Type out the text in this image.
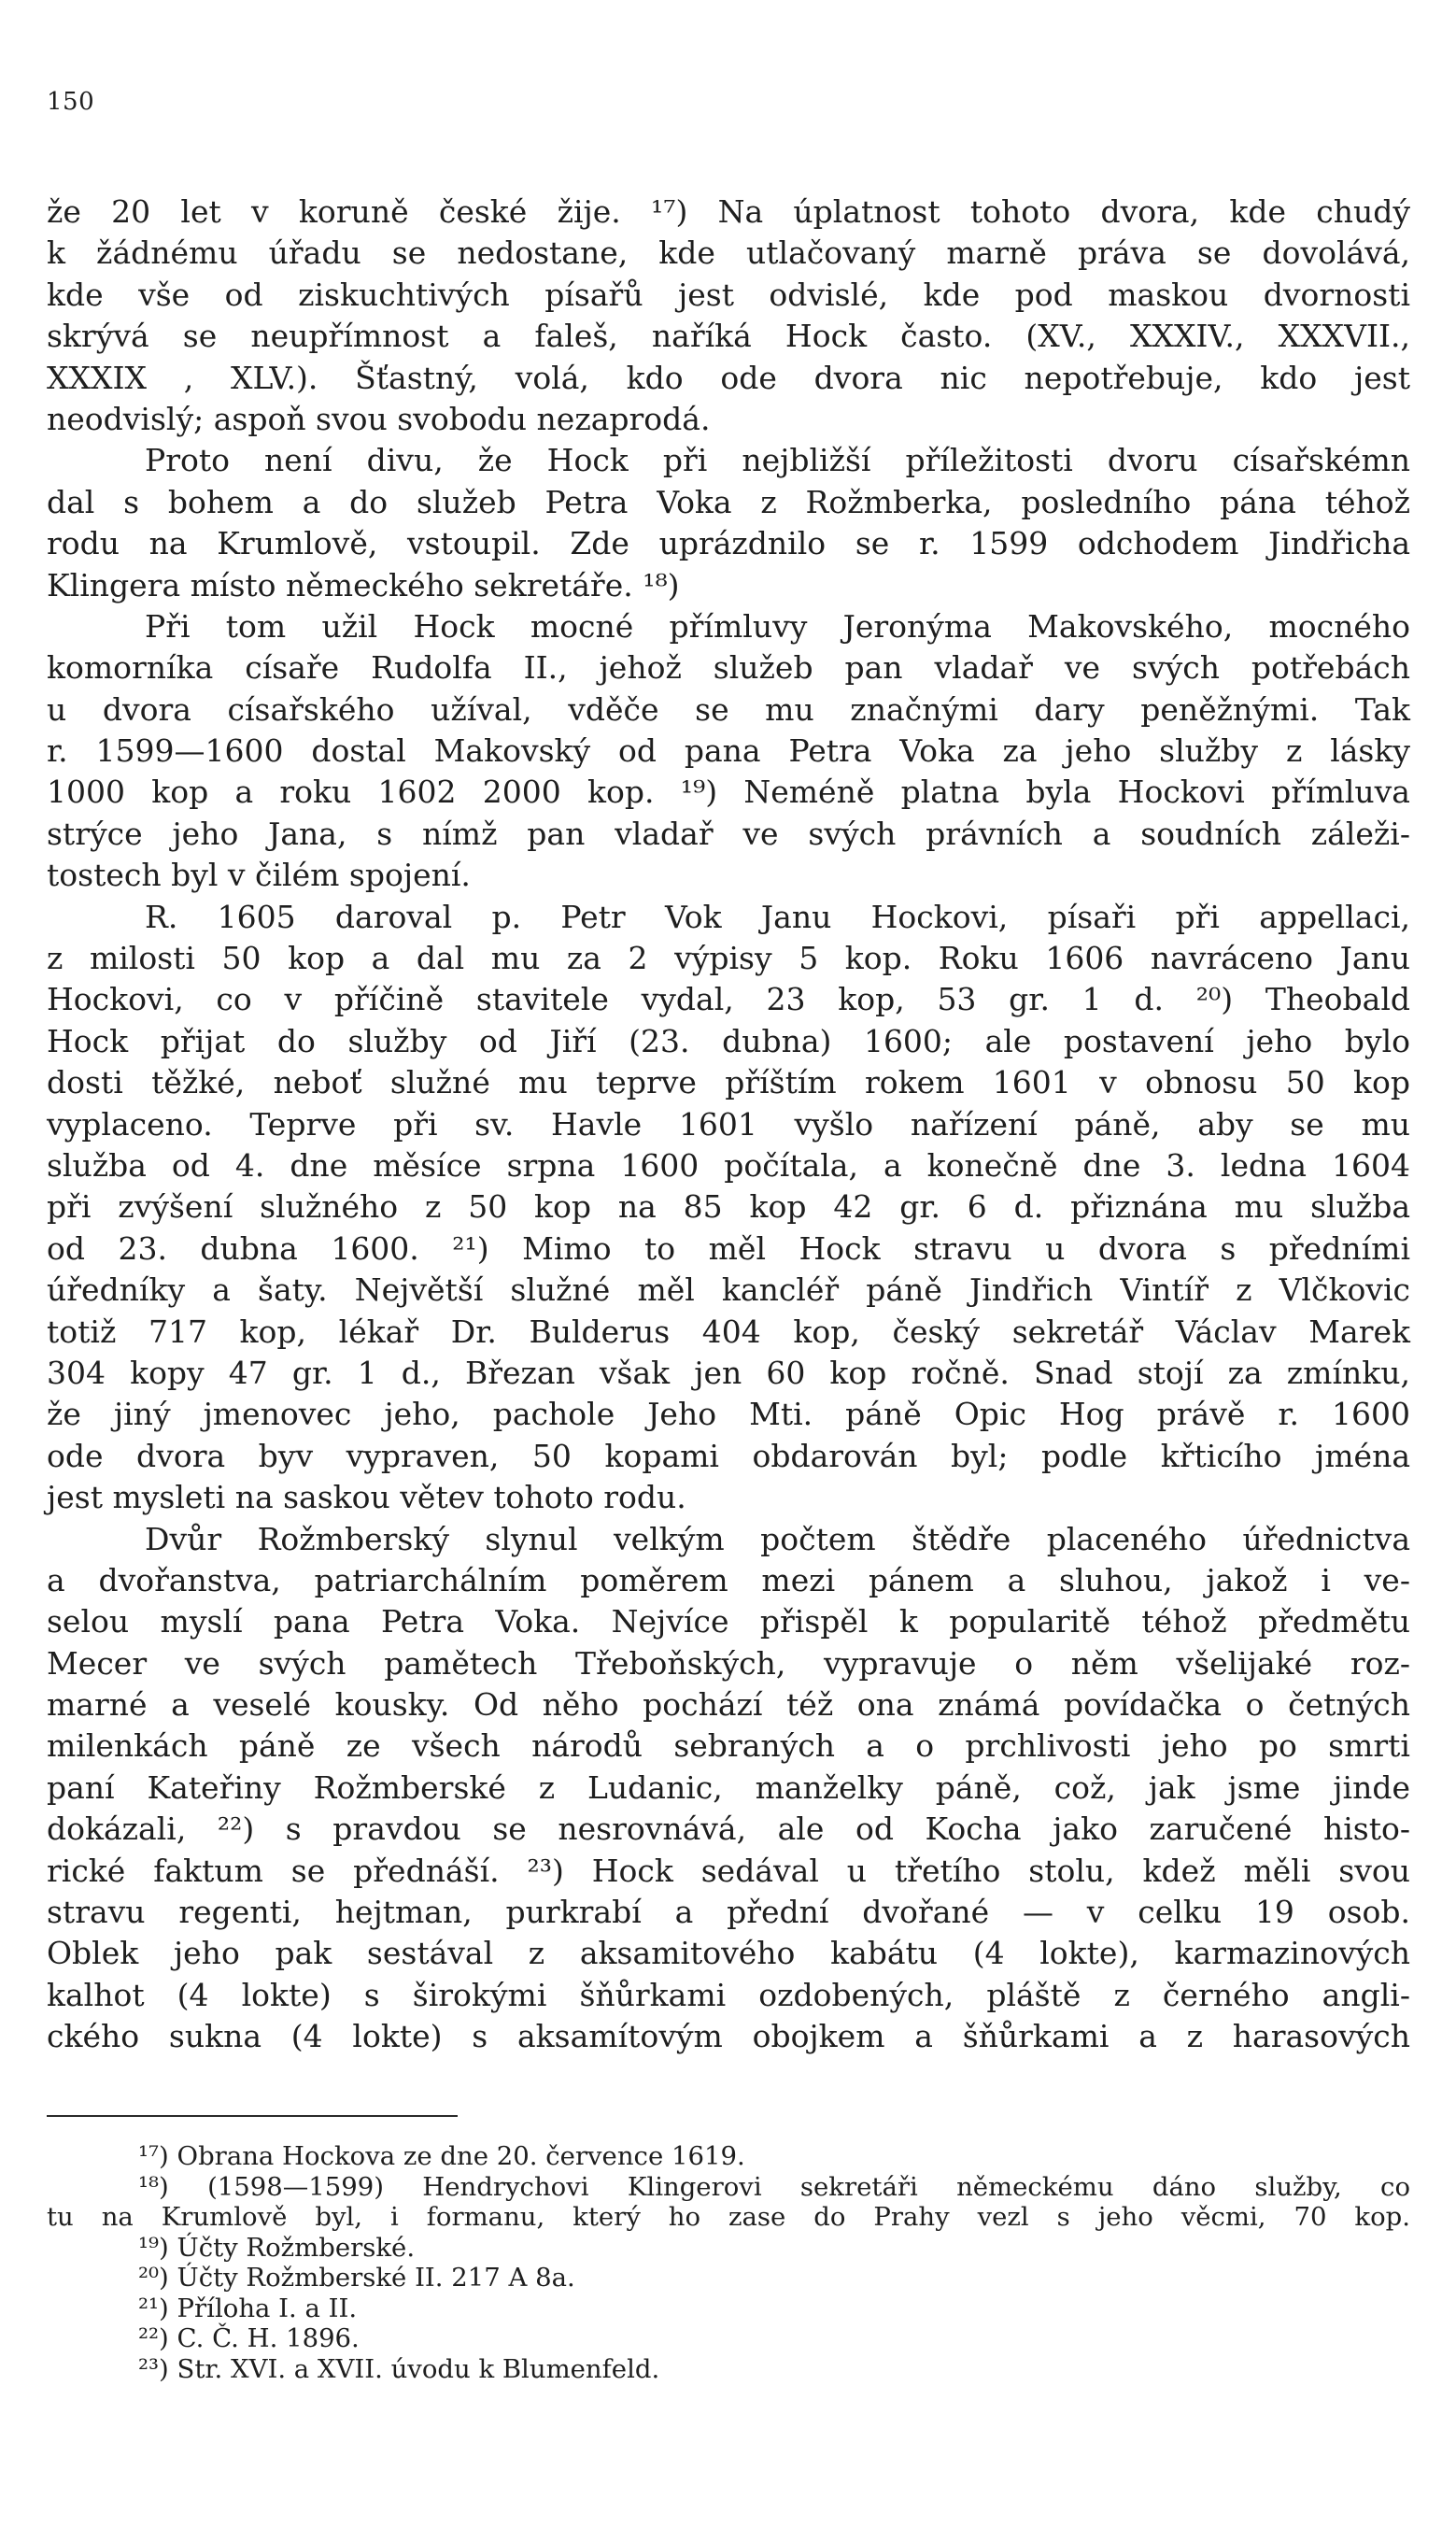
150
že 20 let v koruně české žije. ¹⁷) Na úplatnost tohoto dvora, kde chudý
k žádnému úřadu se nedostane, kde utlačovaný marně práva se dovolává,
kde vše od ziskuchtivých písařů jest odvislé, kde pod maskou dvornosti
skrývá se neupřímnost a faleš, naříká Hock často. (XV., XXXIV., XXXVII.,
XXXIX , XLV.). Šťastný, volá, kdo ode dvora nic nepotřebuje, kdo jest
neodvislý; aspoň svou svobodu nezaprodá.
Proto není divu, že Hock při nejbližší příležitosti dvoru císařskémn
dal s bohem a do služeb Petra Voka z Rožmberka, posledního pána téhož
rodu na Krumlově, vstoupil. Zde uprázdnilo se r. 1599 odchodem Jindřicha
Klingera místo německého sekretáře. ¹⁸)
Při tom užil Hock mocné přímluvy Jeronýma Makovského, mocného
komorníka císaře Rudolfa II., jehož služeb pan vladař ve svých potřebách
u dvora císařského užíval, vděče se mu značnými dary peněžnými. Tak
r. 1599—1600 dostal Makovský od pana Petra Voka za jeho služby z lásky
1000 kop a roku 1602 2000 kop. ¹⁹) Neméně platna byla Hockovi přímluva
strýce jeho Jana, s nímž pan vladař ve svých právních a soudních záleži-
tostech byl v čilém spojení.
R. 1605 daroval p. Petr Vok Janu Hockovi, písaři při appellaci,
z milosti 50 kop a dal mu za 2 výpisy 5 kop. Roku 1606 navráceno Janu
Hockovi, co v příčině stavitele vydal, 23 kop, 53 gr. 1 d. ²⁰) Theobald
Hock přijat do služby od Jiří (23. dubna) 1600; ale postavení jeho bylo
dosti těžké, neboť služné mu teprve příštím rokem 1601 v obnosu 50 kop
vyplaceno. Teprve při sv. Havle 1601 vyšlo nařízení páně, aby se mu
služba od 4. dne měsíce srpna 1600 počítala, a konečně dne 3. ledna 1604
při zvýšení služného z 50 kop na 85 kop 42 gr. 6 d. přiznána mu služba
od 23. dubna 1600. ²¹) Mimo to měl Hock stravu u dvora s předními
úředníky a šaty. Největší služné měl kancléř páně Jindřich Vintíř z Vlčkovic
totiž 717 kop, lékař Dr. Bulderus 404 kop, český sekretář Václav Marek
304 kopy 47 gr. 1 d., Březan však jen 60 kop ročně. Snad stojí za zmínku,
že jiný jmenovec jeho, pachole Jeho Mti. páně Opic Hog právě r. 1600
ode dvora byv vypraven, 50 kopami obdarován byl; podle křticího jména
jest mysleti na saskou větev tohoto rodu.
Dvůr Rožmberský slynul velkým počtem štědře placeného úřednictva
a dvořanstva, patriarchálním poměrem mezi pánem a sluhou, jakož i ve-
selou myslí pana Petra Voka. Nejvíce přispěl k popularitě téhož předmětu
Mecer ve svých pamětech Třeboňských, vypravuje o něm všelijaké roz-
marné a veselé kousky. Od něho pochází též ona známá povídačka o četných
milenkách páně ze všech národů sebraných a o prchlivosti jeho po smrti
paní Kateřiny Rožmberské z Ludanic, manželky páně, což, jak jsme jinde
dokázali, ²²) s pravdou se nesrovnává, ale od Kocha jako zaručené histo-
rické faktum se přednáší. ²³) Hock sedával u třetího stolu, kdež měli svou
stravu regenti, hejtman, purkrabí a přední dvořané — v celku 19 osob.
Oblek jeho pak sestával z aksamitového kabátu (4 lokte), karmazinových
kalhot (4 lokte) s širokými šňůrkami ozdobených, pláště z černého angli-
ckého sukna (4 lokte) s aksamítovým obojkem a šňůrkami a z harasových
¹⁷) Obrana Hockova ze dne 20. července 1619.
¹⁸) (1598—1599) Hendrychovi Klingerovi sekretáři německému dáno služby, co
tu na Krumlově byl, i formanu, který ho zase do Prahy vezl s jeho věcmi, 70 kop.
¹⁹) Účty Rožmberské.
²⁰) Účty Rožmberské II. 217 A 8a.
²¹) Příloha I. a II.
²²) C. Č. H. 1896.
²³) Str. XVI. a XVII. úvodu k Blumenfeld.
